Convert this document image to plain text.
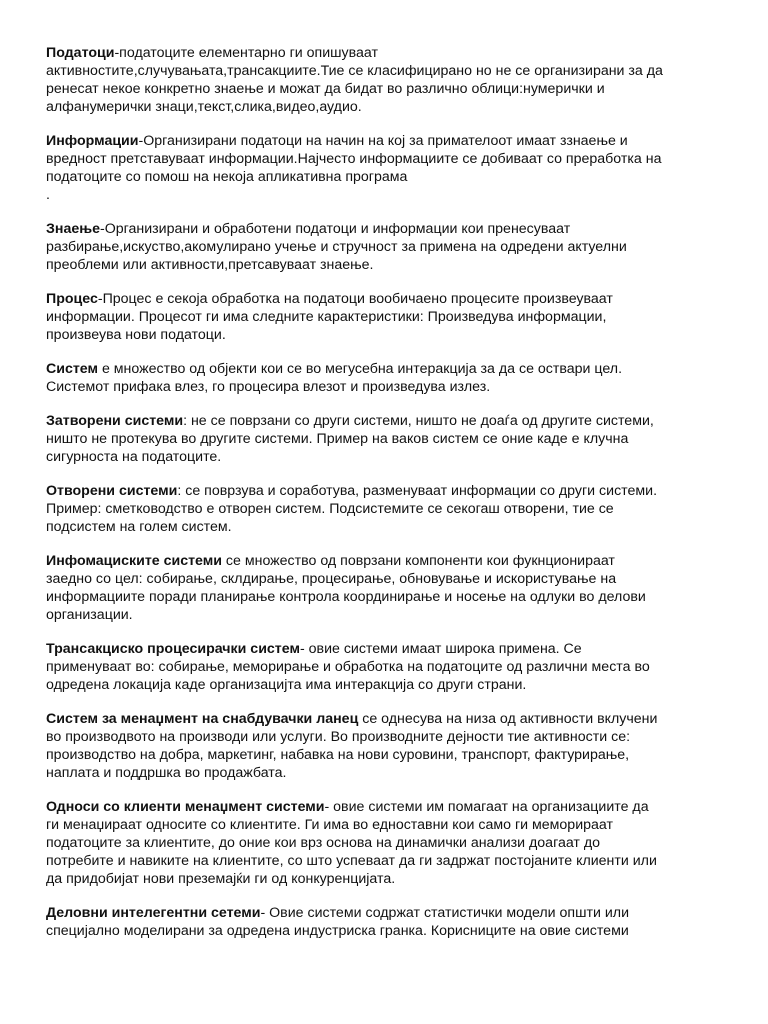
Податоци-податоците елементарно ги опишуваат
активностите,случувањата,трансакциите.Тие се класифицирано но не се организирани за да
ренесат некое конкретно знаење и можат да бидат во различно облици:нумерички и
алфанумерички знаци,текст,слика,видео,аудио.
Информации-Организирани податоци на начин на кој за примателоот имаат ззнаење и
вредност претставуваат информации.Најчесто информациите се добиваат со преработка на
податоците со помош на некоја апликативна програма
.
Знаење-Организирани и обработени податоци и информации кои пренесуваат
разбирање,искуство,акомулирано учење и стручност за примена на одредени актуелни
преоблеми или активности,претсавуваат знаење.
Процес-Процес е секоја обработка на податоци вообичаено процесите произвеуваат
информации. Процесот ги има следните карактеристики: Произведува информации,
произвеува нови податоци.
Систем е множество од објекти кои се во мегусебна интеракција за да се оствари цел.
Системот прифака влез, го процесира влезот и произведува излез.
Затворени системи: не се поврзани со други системи, ништо не доаѓа од другите системи,
ништо не протекува во другите системи. Пример на ваков систем се оние каде е клучна
сигурноста на податоците.
Отворени системи: се поврзува и соработува, разменуваат информации со други системи.
Пример: сметководство е отворен систем. Подсистемите се секогаш отворени, тие се
подсистем на голем систем.
Инфомациските системи се множество од поврзани компоненти кои фукнционираат
заедно со цел: собирање, склдирање, процесирање, обновување и искористување на
информациите поради планирање контрола координирање и носење на одлуки во делови
организации.
Трансакциско процесирачки систем- овие системи имаат широка примена. Се
применуваат во: собирање, меморирање и обработка на податоците од различни места во
одредена локација каде организацијта има интеракција со други страни.
Систем за менаџмент на снабдувачки ланец се однесува на низа од активности вклучени
во производвото на производи или услуги. Во производните дејности тие активности се:
производство на добра, маркетинг, набавка на нови суровини, транспорт, фактурирање,
наплата и поддршка во продажбата.
Односи со клиенти менаџмент системи- овие системи им помагаат на организациите да
ги менаџираат односите со клиентите. Ги има во едноставни кои само ги меморираат
податоците за клиентите, до оние кои врз основа на динамички анализи доагаат до
потребите и навиките на клиентите, со што успеваат да ги задржат постојаните клиенти или
да придобијат нови преземајќи ги од конкуренцијата.
Деловни интелегентни сетеми- Овие системи содржат статистички модели општи или
специјално моделирани за одредена индустриска гранка. Корисниците на овие системи
